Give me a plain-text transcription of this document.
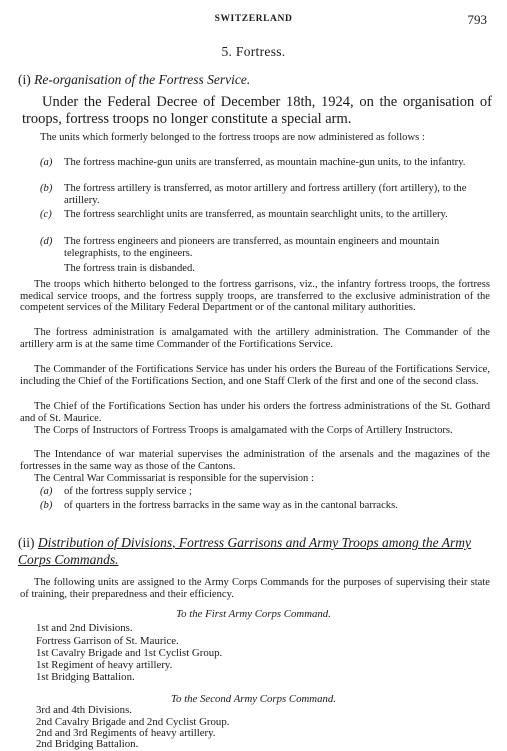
SWITZERLAND	793
5. Fortress.
(i) Re-organisation of the Fortress Service.
Under the Federal Decree of December 18th, 1924, on the organisation of troops, fortress troops no longer constitute a special arm.
The units which formerly belonged to the fortress troops are now administered as follows :
(a) The fortress machine-gun units are transferred, as mountain machine-gun units, to the infantry.
(b) The fortress artillery is transferred, as motor artillery and fortress artillery (fort artillery), to the artillery.
(c) The fortress searchlight units are transferred, as mountain searchlight units, to the artillery.
(d) The fortress engineers and pioneers are transferred, as mountain engineers and mountain telegraphists, to the engineers.
The fortress train is disbanded.
The troops which hitherto belonged to the fortress garrisons, viz., the infantry fortress troops, the fortress medical service troops, and the fortress supply troops, are transferred to the exclusive administration of the competent services of the Military Federal Department or of the cantonal military authorities.
The fortress administration is amalgamated with the artillery administration. The Commander of the artillery arm is at the same time Commander of the Fortifications Service.
The Commander of the Fortifications Service has under his orders the Bureau of the Fortifications Service, including the Chief of the Fortifications Section, and one Staff Clerk of the first and one of the second class.
The Chief of the Fortifications Section has under his orders the fortress administrations of the St. Gothard and of St. Maurice.
The Corps of Instructors of Fortress Troops is amalgamated with the Corps of Artillery Instructors.
The Intendance of war material supervises the administration of the arsenals and the magazines of the fortresses in the same way as those of the Cantons.
The Central War Commissariat is responsible for the supervision :
(a) of the fortress supply service ;
(b) of quarters in the fortress barracks in the same way as in the cantonal barracks.
(ii) Distribution of Divisions, Fortress Garrisons and Army Troops among the Army Corps Commands.
The following units are assigned to the Army Corps Commands for the purposes of supervising their state of training, their preparedness and their efficiency.
To the First Army Corps Command.
1st and 2nd Divisions.
Fortress Garrison of St. Maurice.
1st Cavalry Brigade and 1st Cyclist Group.
1st Regiment of heavy artillery.
1st Bridging Battalion.
To the Second Army Corps Command.
3rd and 4th Divisions.
2nd Cavalry Brigade and 2nd Cyclist Group.
2nd and 3rd Regiments of heavy artillery.
2nd Bridging Battalion.
